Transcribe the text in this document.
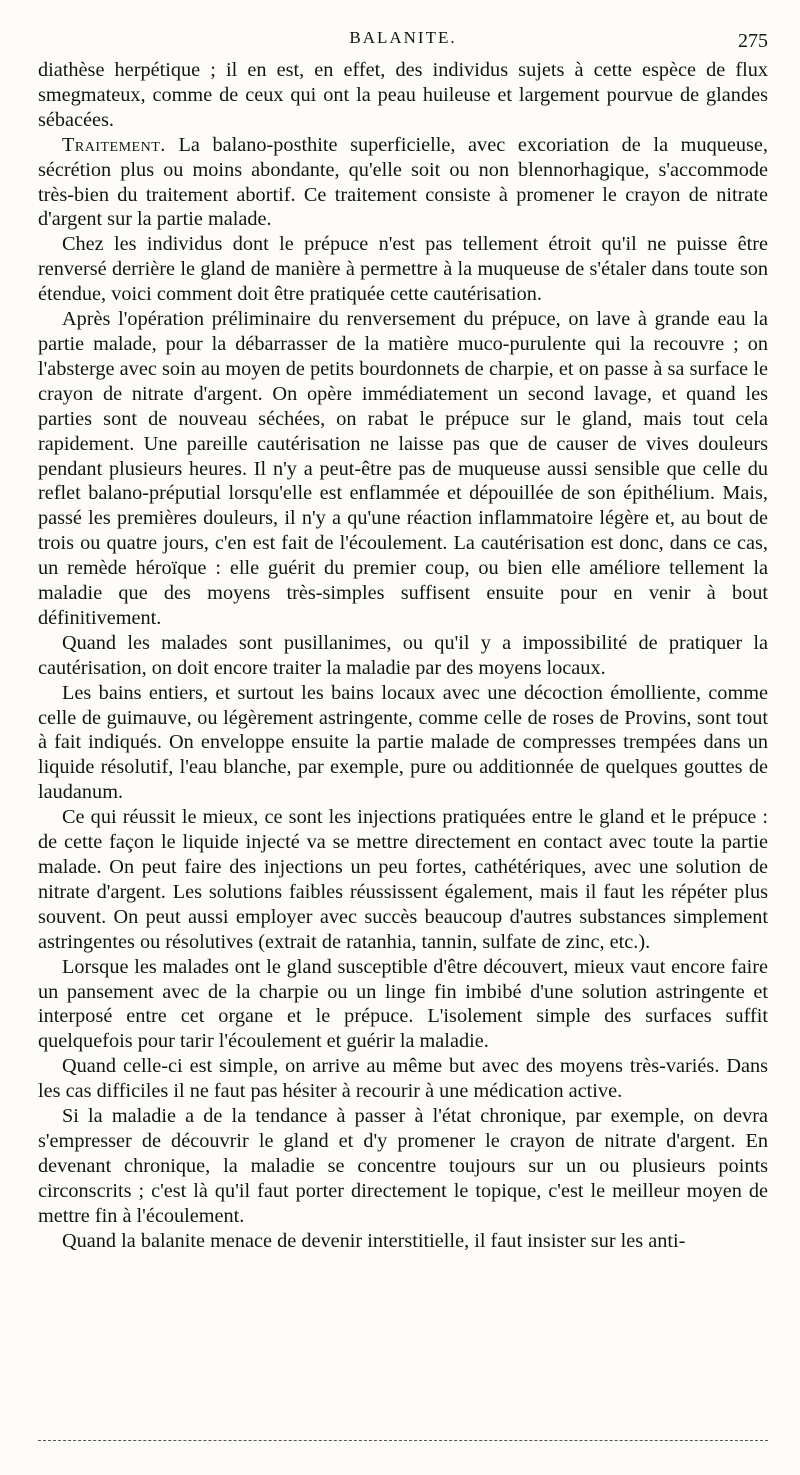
BALANITE.	275

diathèse herpétique ; il en est, en effet, des individus sujets à cette espèce de flux smegmateux, comme de ceux qui ont la peau huileuse et largement pourvue de glandes sébacées.

Traitement. La balano-posthite superficielle, avec excoriation de la muqueuse, sécrétion plus ou moins abondante, qu'elle soit ou non blennorhagique, s'accommode très-bien du traitement abortif. Ce traitement consiste à promener le crayon de nitrate d'argent sur la partie malade.

Chez les individus dont le prépuce n'est pas tellement étroit qu'il ne puisse être renversé derrière le gland de manière à permettre à la muqueuse de s'étaler dans toute son étendue, voici comment doit être pratiquée cette cautérisation.

Après l'opération préliminaire du renversement du prépuce, on lave à grande eau la partie malade, pour la débarrasser de la matière muco-purulente qui la recouvre ; on l'absterge avec soin au moyen de petits bourdonnets de charpie, et on passe à sa surface le crayon de nitrate d'argent. On opère immédiatement un second lavage, et quand les parties sont de nouveau séchées, on rabat le prépuce sur le gland, mais tout cela rapidement. Une pareille cautérisation ne laisse pas que de causer de vives douleurs pendant plusieurs heures. Il n'y a peut-être pas de muqueuse aussi sensible que celle du reflet balano-préputial lorsqu'elle est enflammée et dépouillée de son épithélium. Mais, passé les premières douleurs, il n'y a qu'une réaction inflammatoire légère et, au bout de trois ou quatre jours, c'en est fait de l'écoulement. La cautérisation est donc, dans ce cas, un remède héroïque : elle guérit du premier coup, ou bien elle améliore tellement la maladie que des moyens très-simples suffisent ensuite pour en venir à bout définitivement.

Quand les malades sont pusillanimes, ou qu'il y a impossibilité de pratiquer la cautérisation, on doit encore traiter la maladie par des moyens locaux.

Les bains entiers, et surtout les bains locaux avec une décoction émolliente, comme celle de guimauve, ou légèrement astringente, comme celle de roses de Provins, sont tout à fait indiqués. On enveloppe ensuite la partie malade de compresses trempées dans un liquide résolutif, l'eau blanche, par exemple, pure ou additionnée de quelques gouttes de laudanum.

Ce qui réussit le mieux, ce sont les injections pratiquées entre le gland et le prépuce : de cette façon le liquide injecté va se mettre directement en contact avec toute la partie malade. On peut faire des injections un peu fortes, cathétériques, avec une solution de nitrate d'argent. Les solutions faibles réussissent également, mais il faut les répéter plus souvent. On peut aussi employer avec succès beaucoup d'autres substances simplement astringentes ou résolutives (extrait de ratanhia, tannin, sulfate de zinc, etc.).

Lorsque les malades ont le gland susceptible d'être découvert, mieux vaut encore faire un pansement avec de la charpie ou un linge fin imbibé d'une solution astringente et interposé entre cet organe et le prépuce. L'isolement simple des surfaces suffit quelquefois pour tarir l'écoulement et guérir la maladie.

Quand celle-ci est simple, on arrive au même but avec des moyens très-variés. Dans les cas difficiles il ne faut pas hésiter à recourir à une médication active.

Si la maladie a de la tendance à passer à l'état chronique, par exemple, on devra s'empresser de découvrir le gland et d'y promener le crayon de nitrate d'argent. En devenant chronique, la maladie se concentre toujours sur un ou plusieurs points circonscrits ; c'est là qu'il faut porter directement le topique, c'est le meilleur moyen de mettre fin à l'écoulement.

Quand la balanite menace de devenir interstitielle, il faut insister sur les anti-
